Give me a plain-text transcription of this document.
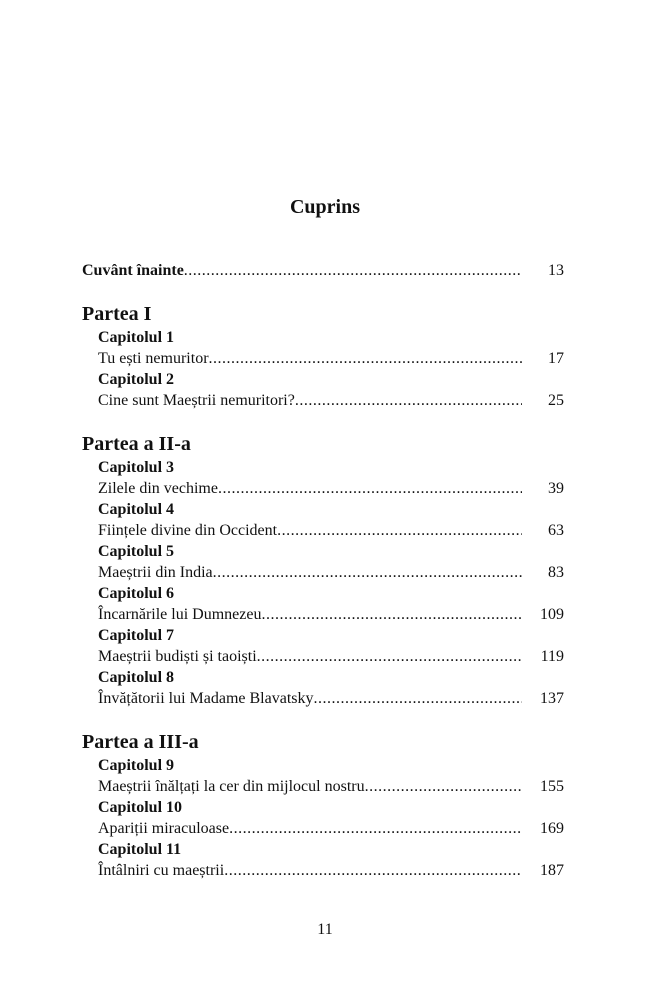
Cuprins
Cuvânt înainte .....	13
Partea I
Capitolul 1
Tu ești nemuritor .....	17
Capitolul 2
Cine sunt Maeștrii nemuritori? .....	25
Partea a II-a
Capitolul 3
Zilele din vechime .....	39
Capitolul 4
Ființele divine din Occident .....	63
Capitolul 5
Maeștrii din India .....	83
Capitolul 6
Încarnările lui Dumnezeu .....	109
Capitolul 7
Maeștrii budiști și taoiști .....	119
Capitolul 8
Învățătorii lui Madame Blavatsky .....	137
Partea a III-a
Capitolul 9
Maeștrii înălțați la cer din mijlocul nostru .....	155
Capitolul 10
Apariții miraculoase .....	169
Capitolul 11
Întâlniri cu maeștrii .....	187
11
